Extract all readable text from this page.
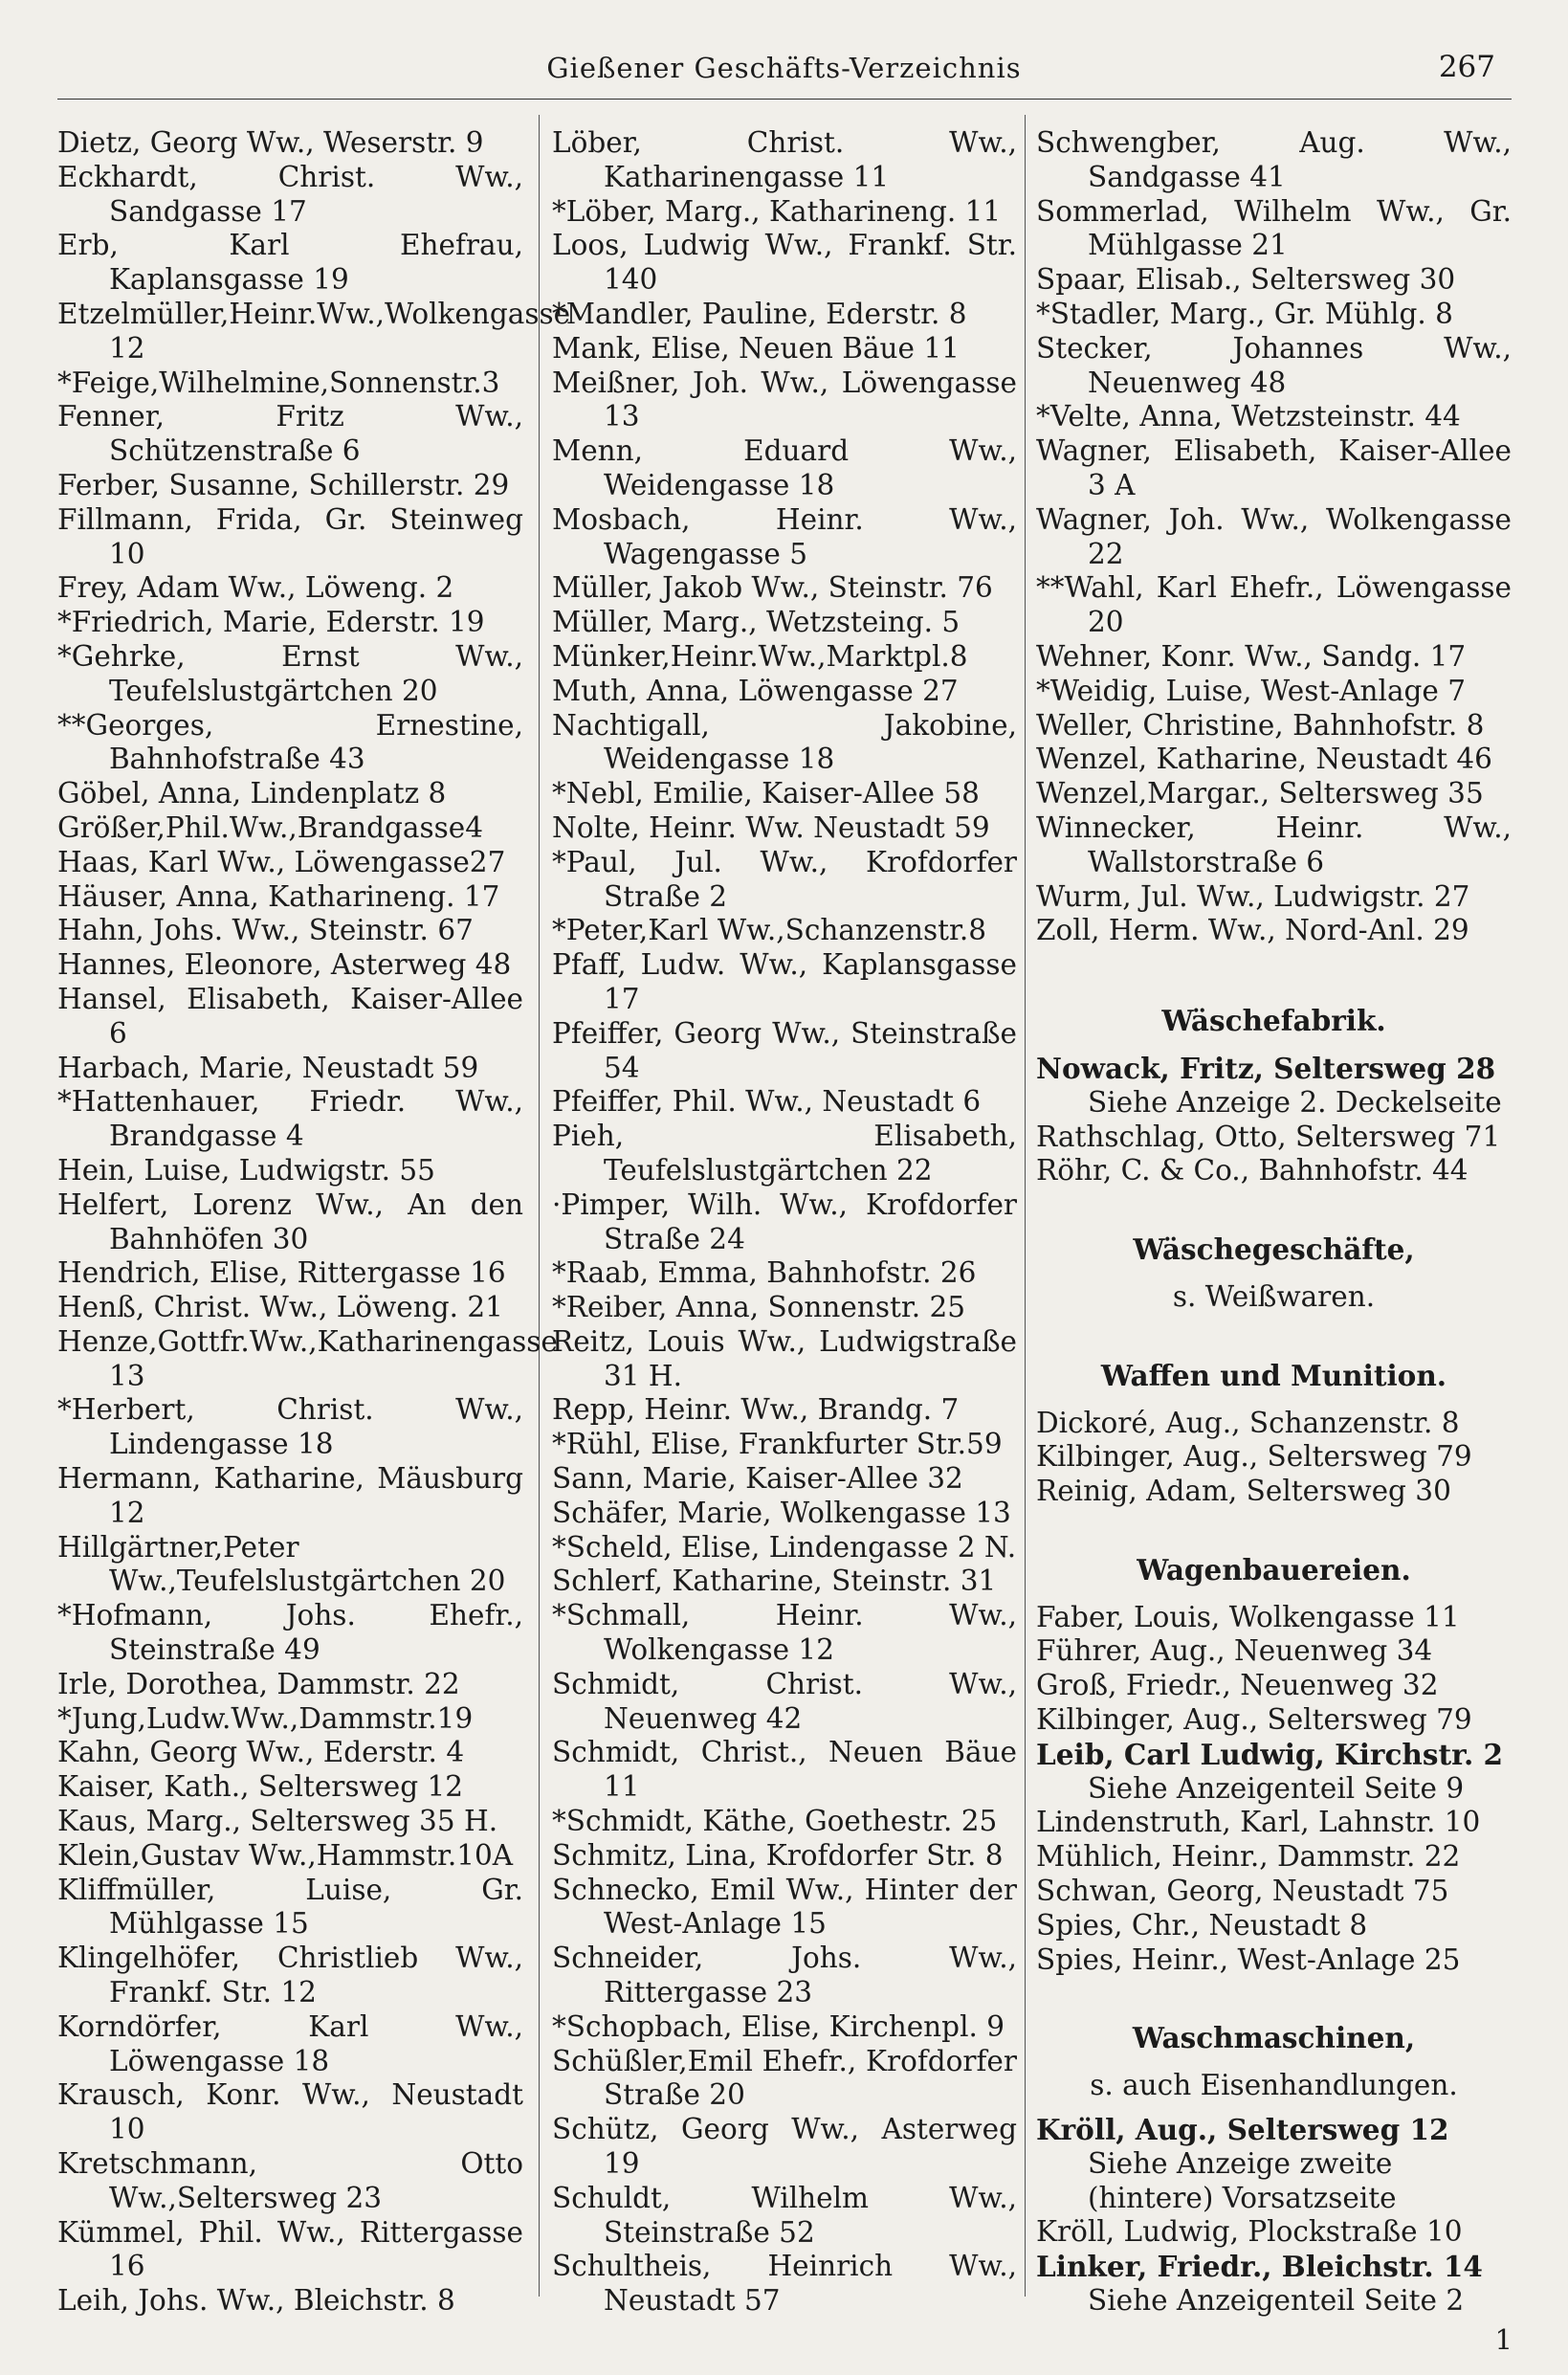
Gießener Geschäfts-Verzeichnis	267

Dietz, Georg Ww., Weserstr. 9

Eckhardt, Christ. Ww., Sandgasse 17

Erb, Karl Ehefrau, Kaplansgasse 19

Etzelmüller,Heinr.Ww.,Wolkengasse 12

*Feige,Wilhelmine,Sonnenstr.3

Fenner, Fritz Ww., Schützenstraße 6

Ferber, Susanne, Schillerstr. 29

Fillmann, Frida, Gr. Steinweg 10

Frey, Adam Ww., Löweng. 2

*Friedrich, Marie, Ederstr. 19

*Gehrke, Ernst Ww., Teufelslustgärtchen 20

**Georges, Ernestine, Bahnhofstraße 43

Göbel, Anna, Lindenplatz 8

Größer,Phil.Ww.,Brandgasse4

Haas, Karl Ww., Löwengasse27

Häuser, Anna, Katharineng. 17

Hahn, Johs. Ww., Steinstr. 67

Hannes, Eleonore, Asterweg 48

Hansel, Elisabeth, Kaiser-Allee 6

Harbach, Marie, Neustadt 59

*Hattenhauer, Friedr. Ww., Brandgasse 4

Hein, Luise, Ludwigstr. 55

Helfert, Lorenz Ww., An den Bahnhöfen 30

Hendrich, Elise, Rittergasse 16

Henß, Christ. Ww., Löweng. 21

Henze,Gottfr.Ww.,Katharinengasse 13

*Herbert, Christ. Ww., Lindengasse 18

Hermann, Katharine, Mäusburg 12

Hillgärtner,Peter Ww.,Teufelslustgärtchen 20

*Hofmann, Johs. Ehefr., Steinstraße 49

Irle, Dorothea, Dammstr. 22

*Jung,Ludw.Ww.,Dammstr.19

Kahn, Georg Ww., Ederstr. 4

Kaiser, Kath., Seltersweg 12

Kaus, Marg., Seltersweg 35 H.

Klein,Gustav Ww.,Hammstr.10A

Kliffmüller, Luise, Gr. Mühlgasse 15

Klingelhöfer, Christlieb Ww., Frankf. Str. 12

Korndörfer, Karl Ww., Löwengasse 18

Krausch, Konr. Ww., Neustadt 10

Kretschmann, Otto Ww.,Seltersweg 23

Kümmel, Phil. Ww., Rittergasse 16

Leih, Johs. Ww., Bleichstr. 8

Löber, Christ. Ww., Katharinengasse 11

*Löber, Marg., Katharineng. 11

Loos, Ludwig Ww., Frankf. Str. 140

*Mandler, Pauline, Ederstr. 8

Mank, Elise, Neuen Bäue 11

Meißner, Joh. Ww., Löwengasse 13

Menn, Eduard Ww., Weidengasse 18

Mosbach, Heinr. Ww., Wagengasse 5

Müller, Jakob Ww., Steinstr. 76

Müller, Marg., Wetzsteing. 5

Münker,Heinr.Ww.,Marktpl.8

Muth, Anna, Löwengasse 27

Nachtigall, Jakobine, Weidengasse 18

*Nebl, Emilie, Kaiser-Allee 58

Nolte, Heinr. Ww. Neustadt 59

*Paul, Jul. Ww., Krofdorfer Straße 2

*Peter,Karl Ww.,Schanzenstr.8

Pfaff, Ludw. Ww., Kaplansgasse 17

Pfeiffer, Georg Ww., Steinstraße 54

Pfeiffer, Phil. Ww., Neustadt 6

Pieh, Elisabeth, Teufelslustgärtchen 22

·Pimper, Wilh. Ww., Krofdorfer Straße 24

*Raab, Emma, Bahnhofstr. 26

*Reiber, Anna, Sonnenstr. 25

Reitz, Louis Ww., Ludwigstraße 31 H.

Repp, Heinr. Ww., Brandg. 7

*Rühl, Elise, Frankfurter Str.59

Sann, Marie, Kaiser-Allee 32

Schäfer, Marie, Wolkengasse 13

*Scheld, Elise, Lindengasse 2 N.

Schlerf, Katharine, Steinstr. 31

*Schmall, Heinr. Ww., Wolkengasse 12

Schmidt, Christ. Ww., Neuenweg 42

Schmidt, Christ., Neuen Bäue 11

*Schmidt, Käthe, Goethestr. 25

Schmitz, Lina, Krofdorfer Str. 8

Schnecko, Emil Ww., Hinter der West-Anlage 15

Schneider, Johs. Ww., Rittergasse 23

*Schopbach, Elise, Kirchenpl. 9

Schüßler,Emil Ehefr., Krofdorfer Straße 20

Schütz, Georg Ww., Asterweg 19

Schuldt, Wilhelm Ww., Steinstraße 52

Schultheis, Heinrich Ww., Neustadt 57

Schwengber, Aug. Ww., Sandgasse 41

Sommerlad, Wilhelm Ww., Gr. Mühlgasse 21

Spaar, Elisab., Seltersweg 30

*Stadler, Marg., Gr. Mühlg. 8

Stecker, Johannes Ww., Neuenweg 48

*Velte, Anna, Wetzsteinstr. 44

Wagner, Elisabeth, Kaiser-Allee 3 A

Wagner, Joh. Ww., Wolkengasse 22

**Wahl, Karl Ehefr., Löwengasse 20

Wehner, Konr. Ww., Sandg. 17

*Weidig, Luise, West-Anlage 7

Weller, Christine, Bahnhofstr. 8

Wenzel, Katharine, Neustadt 46

Wenzel,Margar., Seltersweg 35

Winnecker, Heinr. Ww., Wallstorstraße 6

Wurm, Jul. Ww., Ludwigstr. 27

Zoll, Herm. Ww., Nord-Anl. 29

Wäschefabrik.

Nowack, Fritz, Seltersweg 28

Siehe Anzeige 2. Deckelseite

Rathschlag, Otto, Seltersweg 71

Röhr, C. & Co., Bahnhofstr. 44

Wäschegeschäfte,

s. Weißwaren.

Waffen und Munition.

Dickoré, Aug., Schanzenstr. 8

Kilbinger, Aug., Seltersweg 79

Reinig, Adam, Seltersweg 30

Wagenbauereien.

Faber, Louis, Wolkengasse 11

Führer, Aug., Neuenweg 34

Groß, Friedr., Neuenweg 32

Kilbinger, Aug., Seltersweg 79

Leib, Carl Ludwig, Kirchstr. 2

Siehe Anzeigenteil Seite 9

Lindenstruth, Karl, Lahnstr. 10

Mühlich, Heinr., Dammstr. 22

Schwan, Georg, Neustadt 75

Spies, Chr., Neustadt 8

Spies, Heinr., West-Anlage 25

Waschmaschinen,

s. auch Eisenhandlungen.

Kröll, Aug., Seltersweg 12

Siehe Anzeige zweite (hintere) Vorsatzseite

Kröll, Ludwig, Plockstraße 10

Linker, Friedr., Bleichstr. 14

Siehe Anzeigenteil Seite 2

1
